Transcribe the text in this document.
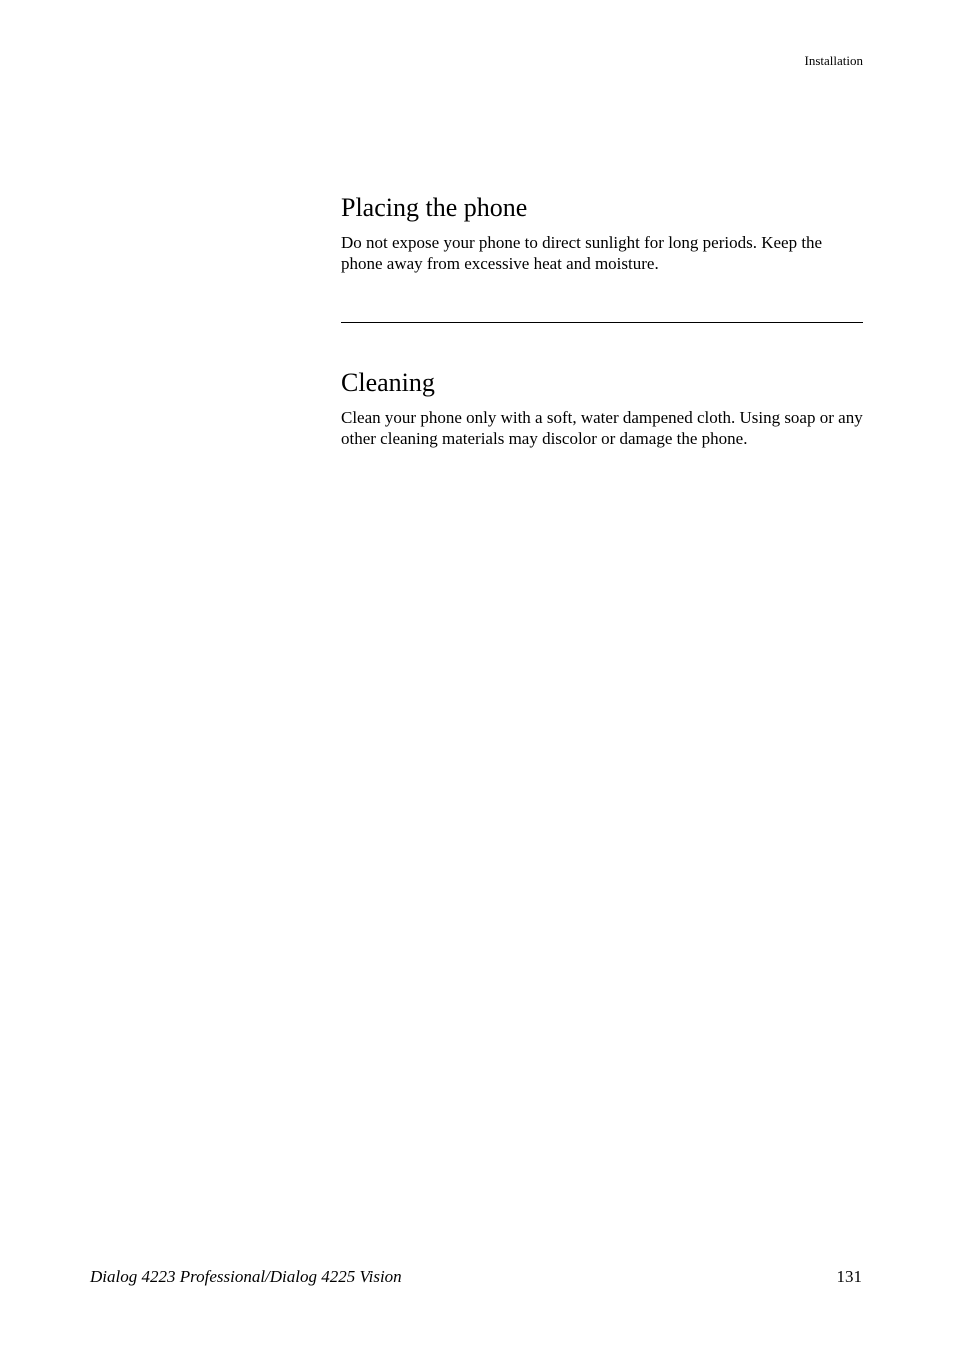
Installation
Placing the phone

Do not expose your phone to direct sunlight for long periods. Keep the phone away from excessive heat and moisture.

Cleaning

Clean your phone only with a soft, water dampened cloth. Using soap or any other cleaning materials may discolor or damage the phone.

Dialog 4223 Professional/Dialog 4225 Vision	131
